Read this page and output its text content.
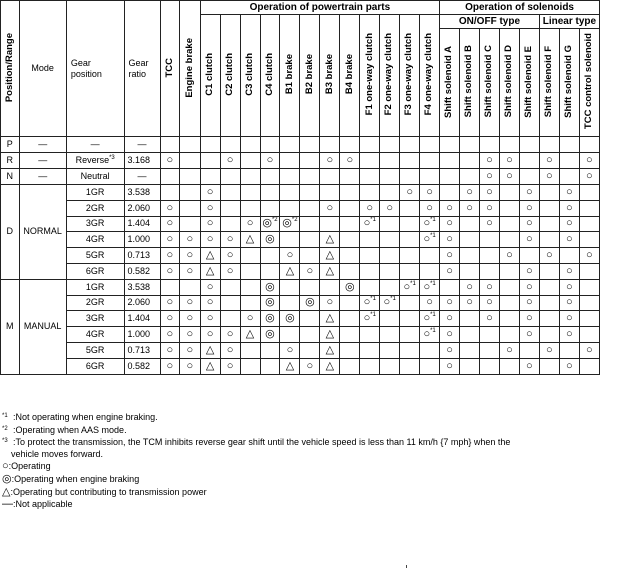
Position/Range	Mode	Gear position	Gear ratio	TCC	Engine brake	Operation of powertrain parts												Operation of solenoids							
						C1 clutch	C2 clutch	C3 clutch	C4 clutch	B1 brake	B2 brake	B3 brake	B4 brake	F1 one-way clutch	F2 one-way clutch	F3 one-way clutch	F4 one-way clutch	ON/OFF type					Linear type		
																		Shift solenoid A	Shift solenoid B	Shift solenoid C	Shift solenoid D	Shift solenoid E	Shift solenoid F	Shift solenoid G	TCC control solenoid
P	—	—	—																						
R	—	Reverse$^{*3}$	3.168	○			○		○			○	○							○	○		○		○
N	—	Neutral	—																	○	○		○		○
D	NORMAL	1GR	3.538			○										○	○		○	○		○		○	
		2GR	2.060	○		○						○		○	○		○	○	○	○		○		○	
		3GR	1.404	○		○		○	◎$^{*2}$	◎$^{*2}$				○$^{*1}$			○$^{*1}$	○		○		○		○	
		4GR	1.000	○	○	○	○	△	◎			△					○$^{*1}$	○				○		○	
		5GR	0.713	○	○	△	○			○		△						○			○		○		○
		6GR	0.582	○	○	△	○			△	○	△						○				○		○	
M	MANUAL	1GR	3.538			○			◎				◎			○$^{*1}$	○$^{*1}$		○	○		○		○	
		2GR	2.060	○	○	○			◎		◎	○		○$^{*1}$	○$^{*1}$		○	○	○	○		○		○	
		3GR	1.404	○	○	○		○	◎	◎		△		○$^{*1}$			○$^{*1}$	○		○		○		○	
		4GR	1.000	○	○	○	○	△	◎			△					○$^{*1}$	○				○		○	
		5GR	0.713	○	○	△	○			○		△						○			○		○		○
		6GR	0.582	○	○	△	○			△	○	△						○				○		○	
$^{*1}$ :Not operating when engine braking.
$^{*2}$ :Operating when AAS mode.
$^{*3}$ :To protect the transmission, the TCM inhibits reverse gear shift until the vehicle speed is less than 11 km/h {7 mph} when the
vehicle moves forward.
○ :Operating
◎ :Operating when engine braking
△ :Operating but contributing to transmission power
— :Not applicable
